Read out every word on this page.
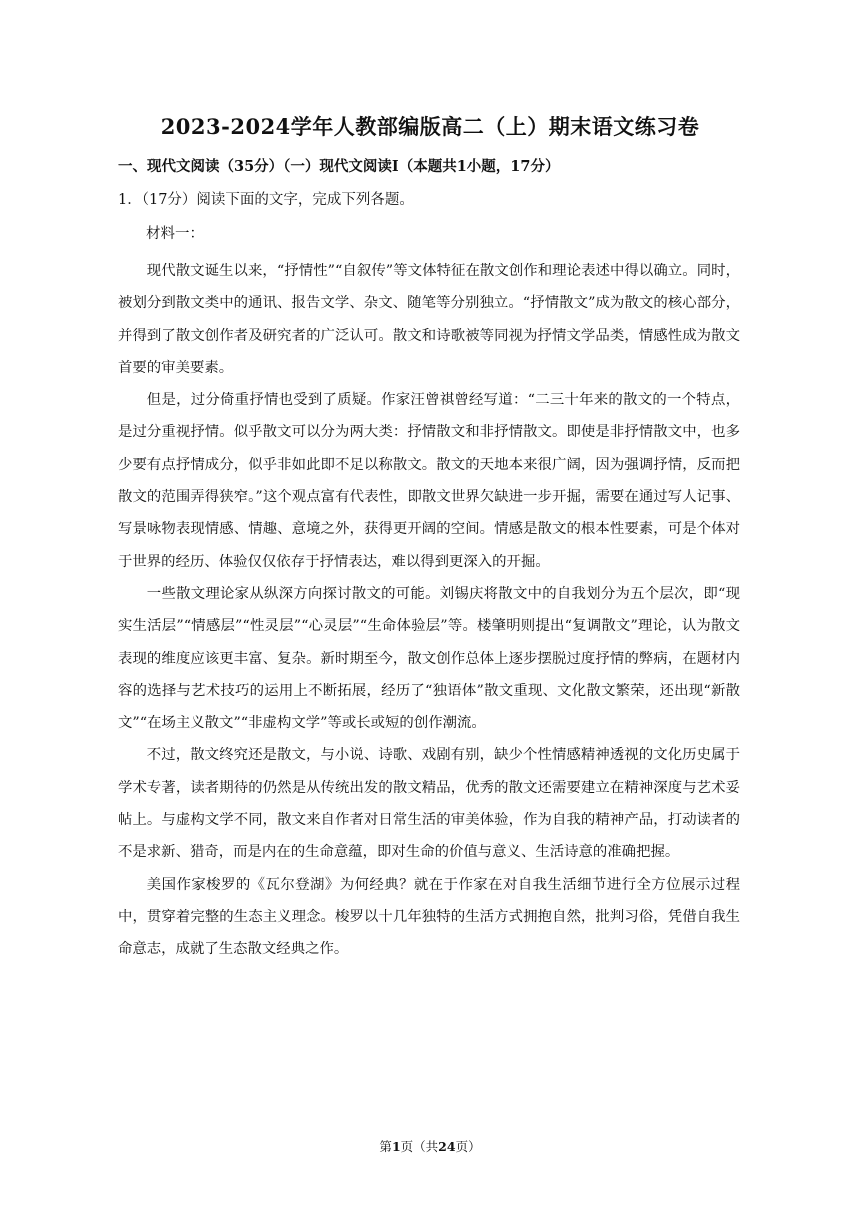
2023-2024学年人教部编版高二（上）期末语文练习卷
一、现代文阅读（35分）（一）现代文阅读Ⅰ（本题共1小题，17分）
1．（17分）阅读下面的文字，完成下列各题。
材料一：

现代散文诞生以来，“抒情性”“自叙传”等文体特征在散文创作和理论表述中得以确立。同时，被划分到散文类中的通讯、报告文学、杂文、随笔等分别独立。“抒情散文”成为散文的核心部分，并得到了散文创作者及研究者的广泛认可。散文和诗歌被等同视为抒情文学品类，情感性成为散文首要的审美要素。

但是，过分倚重抒情也受到了质疑。作家汪曾祺曾经写道：“二三十年来的散文的一个特点，是过分重视抒情。似乎散文可以分为两大类：抒情散文和非抒情散文。即使是非抒情散文中，也多少要有点抒情成分，似乎非如此即不足以称散文。散文的天地本来很广阔，因为强调抒情，反而把散文的范围弄得狭窄。”这个观点富有代表性，即散文世界欠缺进一步开掘，需要在通过写人记事、写景咏物表现情感、情趣、意境之外，获得更开阔的空间。情感是散文的根本性要素，可是个体对于世界的经历、体验仅仅依存于抒情表达，难以得到更深入的开掘。

一些散文理论家从纵深方向探讨散文的可能。刘锡庆将散文中的自我划分为五个层次，即“现实生活层”“情感层”“性灵层”“心灵层”“生命体验层”等。楼肇明则提出“复调散文”理论，认为散文表现的维度应该更丰富、复杂。新时期至今，散文创作总体上逐步摆脱过度抒情的弊病，在题材内容的选择与艺术技巧的运用上不断拓展，经历了“独语体”散文重现、文化散文繁荣，还出现“新散文”“在场主义散文”“非虚构文学”等或长或短的创作潮流。

不过，散文终究还是散文，与小说、诗歌、戏剧有别，缺少个性情感精神透视的文化历史属于学术专著，读者期待的仍然是从传统出发的散文精品，优秀的散文还需要建立在精神深度与艺术妥帖上。与虚构文学不同，散文来自作者对日常生活的审美体验，作为自我的精神产品，打动读者的不是求新、猎奇，而是内在的生命意蕴，即对生命的价值与意义、生活诗意的准确把握。

美国作家梭罗的《瓦尔登湖》为何经典？就在于作家在对自我生活细节进行全方位展示过程中，贯穿着完整的生态主义理念。梭罗以十几年独特的生活方式拥抱自然，批判习俗，凭借自我生命意志，成就了生态散文经典之作。

第1页（共24页）
